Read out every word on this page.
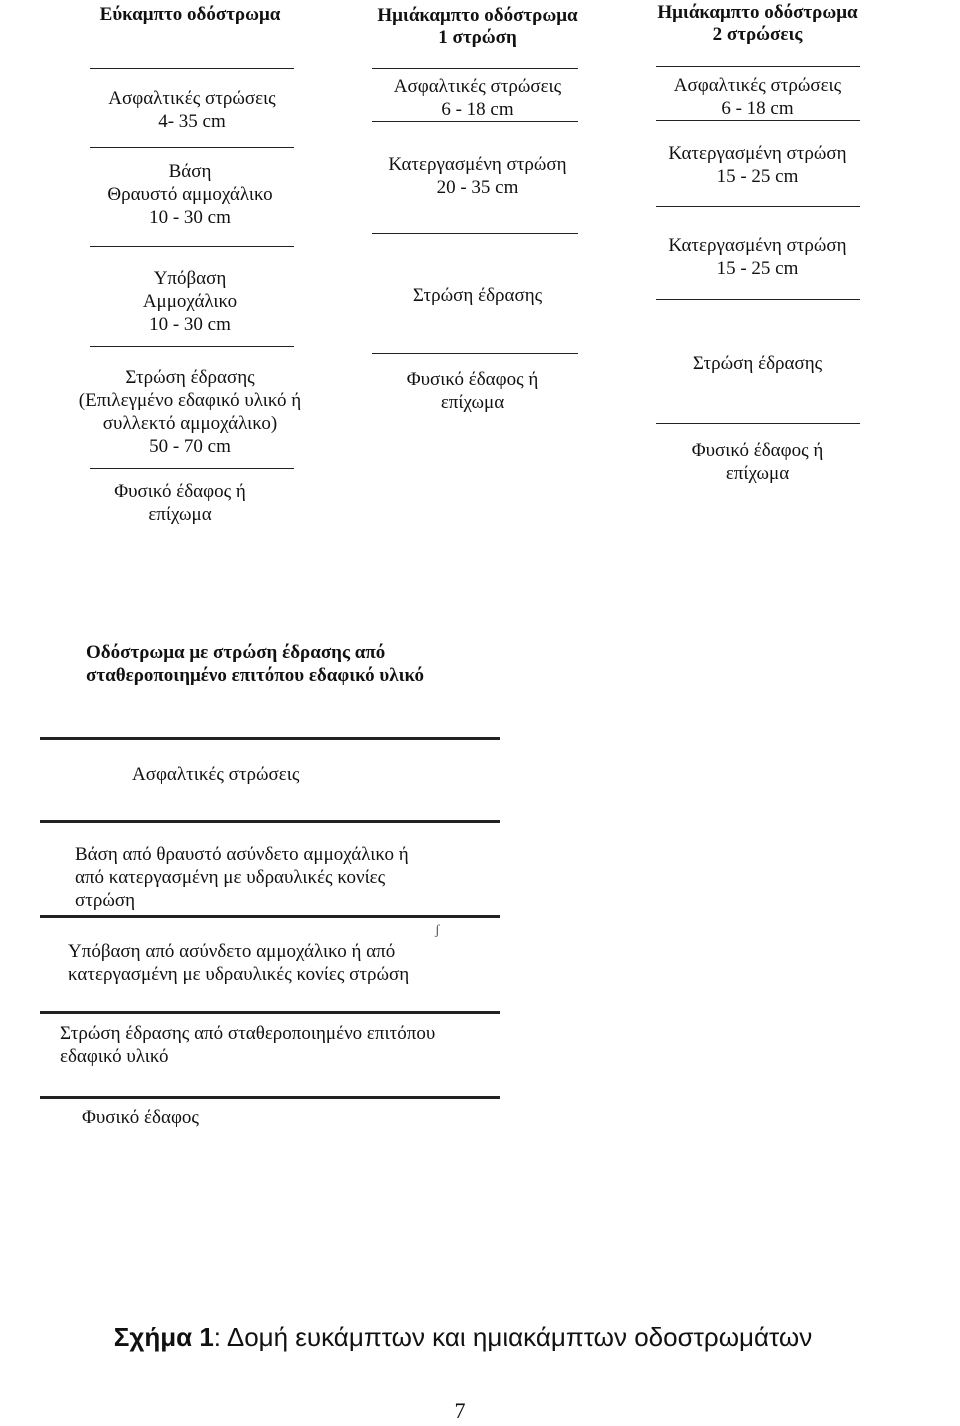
Εύκαμπτο οδόστρωμα
Ασφαλτικές στρώσεις
4- 35 cm
Βάση
Θραυστό αμμοχάλικο
10 - 30 cm
Υπόβαση
Αμμοχάλικο
10 - 30 cm
Στρώση έδρασης
(Επιλεγμένο εδαφικό υλικό ή
συλλεκτό αμμοχάλικο)
50 - 70 cm
Φυσικό έδαφος ή
επίχωμα
Ημιάκαμπτο οδόστρωμα
1 στρώση
Ασφαλτικές στρώσεις
6 - 18 cm
Κατεργασμένη στρώση
20 - 35 cm
Στρώση έδρασης
Φυσικό έδαφος ή
επίχωμα
Ημιάκαμπτο οδόστρωμα
2 στρώσεις
Ασφαλτικές στρώσεις
6 - 18 cm
Κατεργασμένη στρώση
15 - 25 cm
Κατεργασμένη στρώση
15 - 25 cm
Στρώση έδρασης
Φυσικό έδαφος ή
επίχωμα
Οδόστρωμα με στρώση έδρασης από
σταθεροποιημένο επιτόπου εδαφικό υλικό
Ασφαλτικές στρώσεις
Βάση από θραυστό ασύνδετο αμμοχάλικο ή
από κατεργασμένη με υδραυλικές κονίες
στρώση
ʃ
Υπόβαση από ασύνδετο αμμοχάλικο ή από
κατεργασμένη με υδραυλικές κονίες στρώση
Στρώση έδρασης από σταθεροποιημένο επιτόπου
εδαφικό υλικό
Φυσικό έδαφος
Σχήμα 1: Δομή ευκάμπτων και ημιακάμπτων οδοστρωμάτων
7
